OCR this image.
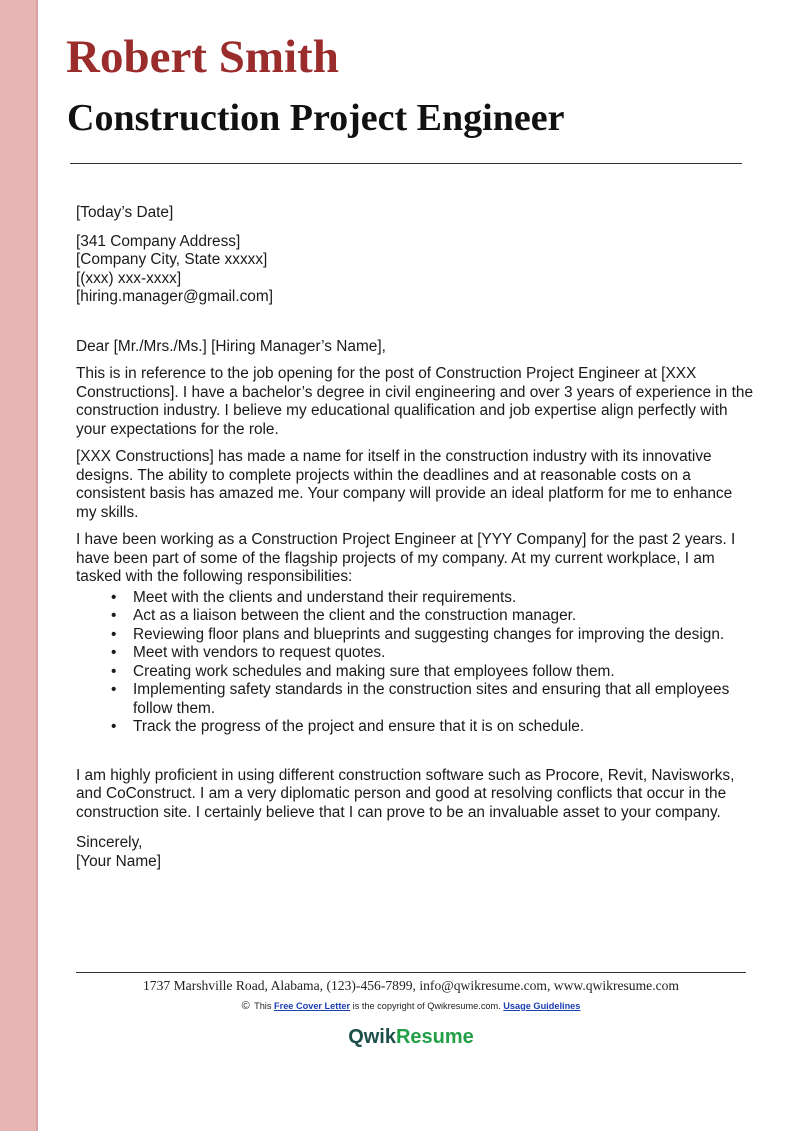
Robert Smith
Construction Project Engineer

[Today’s Date]

[341 Company Address]
[Company City, State xxxxx]
[(xxx) xxx-xxxx]
[hiring.manager@gmail.com]

Dear [Mr./Mrs./Ms.] [Hiring Manager’s Name],

This is in reference to the job opening for the post of Construction Project Engineer at [XXX Constructions]. I have a bachelor’s degree in civil engineering and over 3 years of experience in the construction industry. I believe my educational qualification and job expertise align perfectly with your expectations for the role.

[XXX Constructions] has made a name for itself in the construction industry with its innovative designs. The ability to complete projects within the deadlines and at reasonable costs on a consistent basis has amazed me. Your company will provide an ideal platform for me to enhance my skills.

I have been working as a Construction Project Engineer at [YYY Company] for the past 2 years. I have been part of some of the flagship projects of my company. At my current workplace, I am tasked with the following responsibilities:

• Meet with the clients and understand their requirements.
• Act as a liaison between the client and the construction manager.
• Reviewing floor plans and blueprints and suggesting changes for improving the design.
• Meet with vendors to request quotes.
• Creating work schedules and making sure that employees follow them.
• Implementing safety standards in the construction sites and ensuring that all employees follow them.
• Track the progress of the project and ensure that it is on schedule.

I am highly proficient in using different construction software such as Procore, Revit, Navisworks, and CoConstruct. I am a very diplomatic person and good at resolving conflicts that occur in the construction site. I certainly believe that I can prove to be an invaluable asset to your company.

Sincerely,

[Your Name]

1737 Marshville Road, Alabama, (123)-456-7899, info@qwikresume.com, www.qwikresume.com
© This Free Cover Letter is the copyright of Qwikresume.com. Usage Guidelines
QwikResume
